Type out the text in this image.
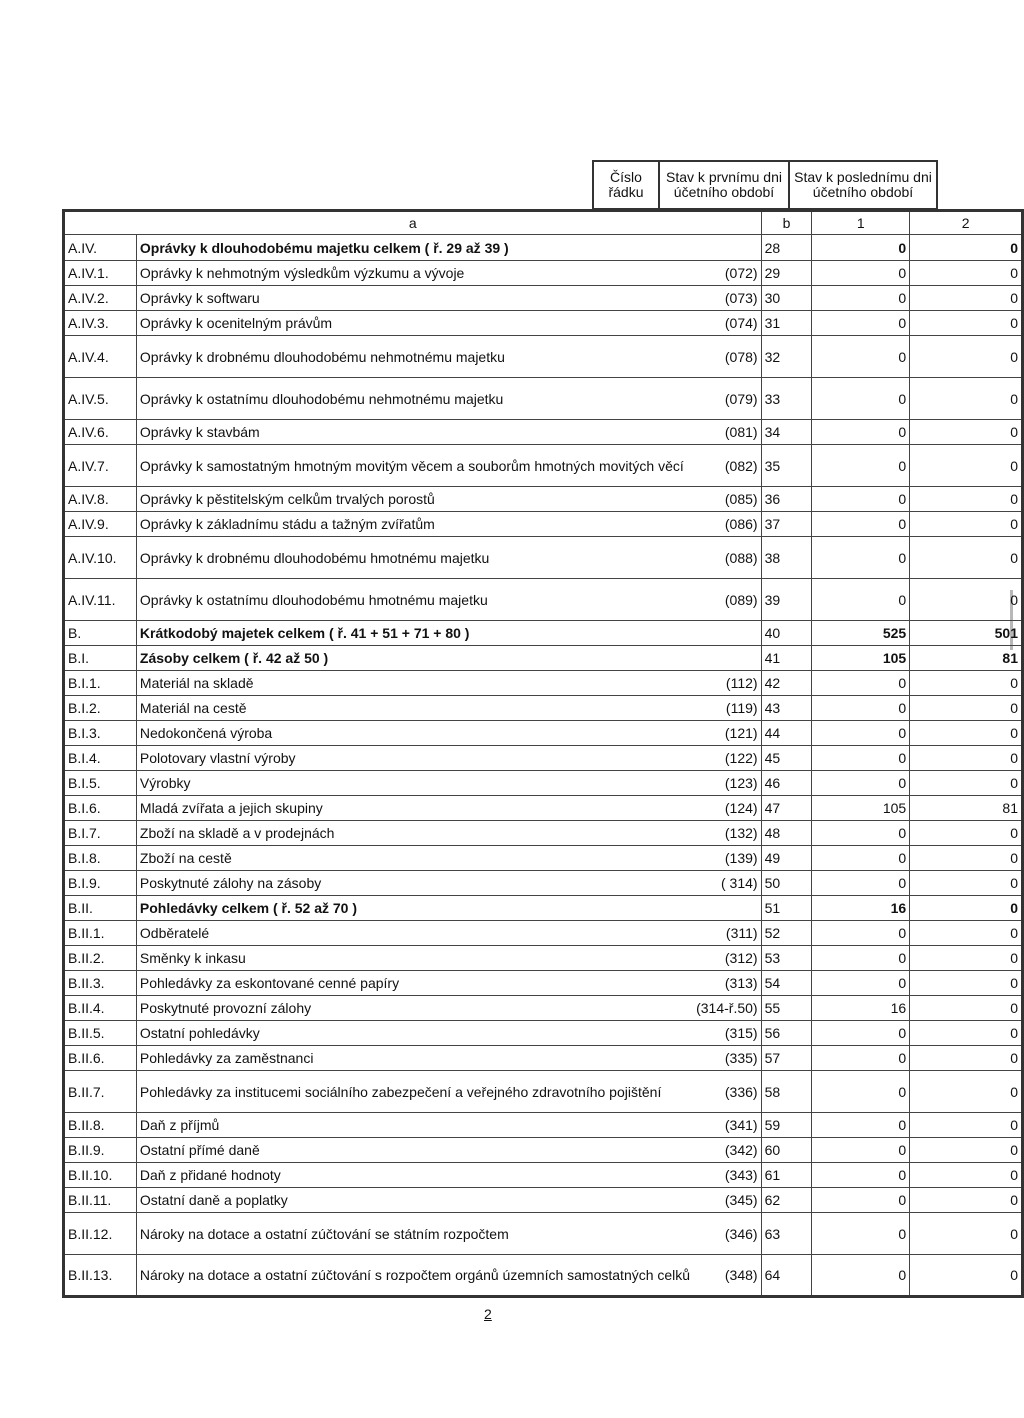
Číslo řádku
Stav k prvnímu dni účetního období
Stav k poslednímu dni účetního období
a			b	1	2
A.IV.	Oprávky k dlouhodobému majetku celkem ( ř. 29 až 39 )		28	0	0
A.IV.1.	Oprávky k nehmotným výsledkům výzkumu a vývoje	(072)	29	0	0
A.IV.2.	Oprávky k softwaru	(073)	30	0	0
A.IV.3.	Oprávky k ocenitelným právům	(074)	31	0	0
A.IV.4.	Oprávky k drobnému dlouhodobému nehmotnému majetku	(078)	32	0	0
A.IV.5.	Oprávky k ostatnímu dlouhodobému nehmotnému majetku	(079)	33	0	0
A.IV.6.	Oprávky k stavbám	(081)	34	0	0
A.IV.7.	Oprávky k samostatným hmotným movitým věcem a souborům hmotných movitých věcí	(082)	35	0	0
A.IV.8.	Oprávky k pěstitelským celkům trvalých porostů	(085)	36	0	0
A.IV.9.	Oprávky k základnímu stádu a tažným zvířatům	(086)	37	0	0
A.IV.10.	Oprávky k drobnému dlouhodobému hmotnému majetku	(088)	38	0	0
A.IV.11.	Oprávky k ostatnímu dlouhodobému hmotnému majetku	(089)	39	0	0
B.	Krátkodobý majetek celkem ( ř. 41 + 51 + 71 + 80 )		40	525	501
B.I.	Zásoby celkem ( ř. 42 až 50 )		41	105	81
B.I.1.	Materiál na skladě	(112)	42	0	0
B.I.2.	Materiál na cestě	(119)	43	0	0
B.I.3.	Nedokončená výroba	(121)	44	0	0
B.I.4.	Polotovary vlastní výroby	(122)	45	0	0
B.I.5.	Výrobky	(123)	46	0	0
B.I.6.	Mladá zvířata a jejich skupiny	(124)	47	105	81
B.I.7.	Zboží na skladě a v prodejnách	(132)	48	0	0
B.I.8.	Zboží na cestě	(139)	49	0	0
B.I.9.	Poskytnuté zálohy na zásoby	( 314)	50	0	0
B.II.	Pohledávky celkem ( ř. 52 až 70 )		51	16	0
B.II.1.	Odběratelé	(311)	52	0	0
B.II.2.	Směnky k inkasu	(312)	53	0	0
B.II.3.	Pohledávky za eskontované cenné papíry	(313)	54	0	0
B.II.4.	Poskytnuté provozní zálohy	(314-ř.50)	55	16	0
B.II.5.	Ostatní pohledávky	(315)	56	0	0
B.II.6.	Pohledávky za zaměstnanci	(335)	57	0	0
B.II.7.	Pohledávky za institucemi sociálního zabezpečení a veřejného zdravotního pojištění	(336)	58	0	0
B.II.8.	Daň z příjmů	(341)	59	0	0
B.II.9.	Ostatní přímé daně	(342)	60	0	0
B.II.10.	Daň z přidané hodnoty	(343)	61	0	0
B.II.11.	Ostatní daně a poplatky	(345)	62	0	0
B.II.12.	Nároky na dotace a ostatní zúčtování se státním rozpočtem	(346)	63	0	0
B.II.13.	Nároky na dotace a ostatní zúčtování s rozpočtem orgánů územních samostatných celků	(348)	64	0	0
2
